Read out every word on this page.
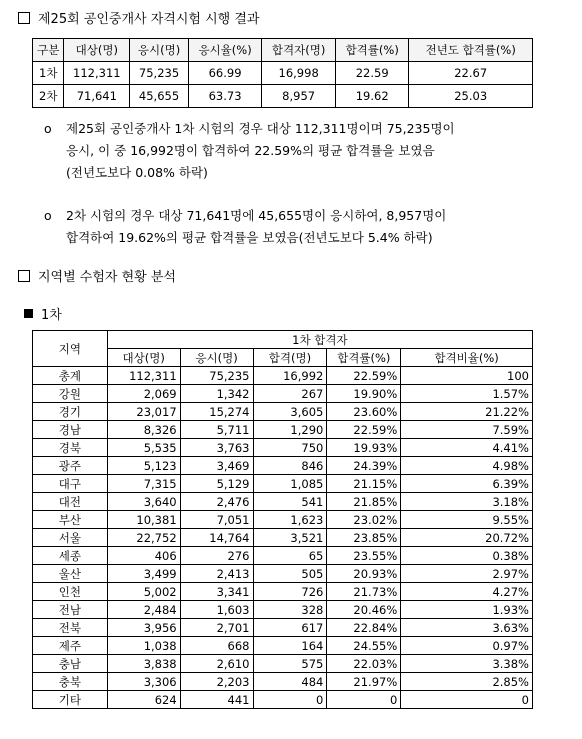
제25회 공인중개사 자격시험 시행 결과
구분	대상(명)	응시(명)	응시율(%)	합격자(명)	합격률(%)	전년도 합격률(%)
1차	112,311	75,235	66.99	16,998	22.59	22.67
2차	71,641	45,655	63.73	8,957	19.62	25.03
o 제25회 공인중개사 1차 시험의 경우 대상 112,311명이며 75,235명이
응시, 이 중 16,992명이 합격하여 22.59%의 평균 합격률을 보였음
(전년도보다 0.08% 하락)
o 2차 시험의 경우 대상 71,641명에 45,655명이 응시하여, 8,957명이
합격하여 19.62%의 평균 합격률을 보였음(전년도보다 5.4% 하락)
지역별 수험자 현황 분석
1차
지역	1차 합격자				
	대상(명)	응시(명)	합격(명)	합격률(%)	합격비율(%)
총계	112,311	75,235	16,992	22.59%	100
강원	2,069	1,342	267	19.90%	1.57%
경기	23,017	15,274	3,605	23.60%	21.22%
경남	8,326	5,711	1,290	22.59%	7.59%
경북	5,535	3,763	750	19.93%	4.41%
광주	5,123	3,469	846	24.39%	4.98%
대구	7,315	5,129	1,085	21.15%	6.39%
대전	3,640	2,476	541	21.85%	3.18%
부산	10,381	7,051	1,623	23.02%	9.55%
서울	22,752	14,764	3,521	23.85%	20.72%
세종	406	276	65	23.55%	0.38%
울산	3,499	2,413	505	20.93%	2.97%
인천	5,002	3,341	726	21.73%	4.27%
전남	2,484	1,603	328	20.46%	1.93%
전북	3,956	2,701	617	22.84%	3.63%
제주	1,038	668	164	24.55%	0.97%
충남	3,838	2,610	575	22.03%	3.38%
충북	3,306	2,203	484	21.97%	2.85%
기타	624	441	0	0	0
